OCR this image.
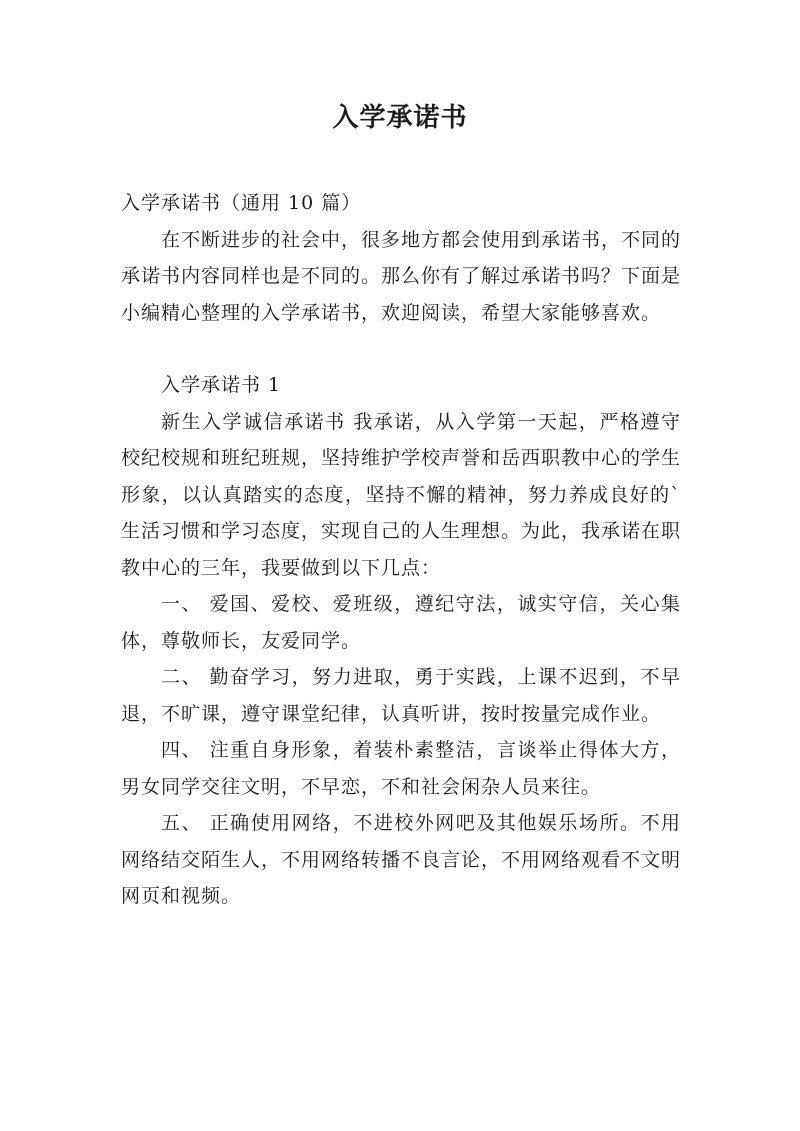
入学承诺书

入学承诺书（通用 10 篇）

在不断进步的社会中，很多地方都会使用到承诺书，不同的承诺书内容同样也是不同的。那么你有了解过承诺书吗？下面是小编精心整理的入学承诺书，欢迎阅读，希望大家能够喜欢。

入学承诺书 1

新生入学诚信承诺书 我承诺，从入学第一天起，严格遵守校纪校规和班纪班规，坚持维护学校声誉和岳西职教中心的学生形象，以认真踏实的态度，坚持不懈的精神，努力养成良好的`生活习惯和学习态度，实现自己的人生理想。为此，我承诺在职教中心的三年，我要做到以下几点：

一、 爱国、爱校、爱班级，遵纪守法，诚实守信，关心集体，尊敬师长，友爱同学。

二、 勤奋学习，努力进取，勇于实践，上课不迟到，不早退，不旷课，遵守课堂纪律，认真听讲，按时按量完成作业。

四、 注重自身形象，着装朴素整洁，言谈举止得体大方，男女同学交往文明，不早恋，不和社会闲杂人员来往。

五、 正确使用网络，不进校外网吧及其他娱乐场所。不用网络结交陌生人，不用网络转播不良言论，不用网络观看不文明网页和视频。
